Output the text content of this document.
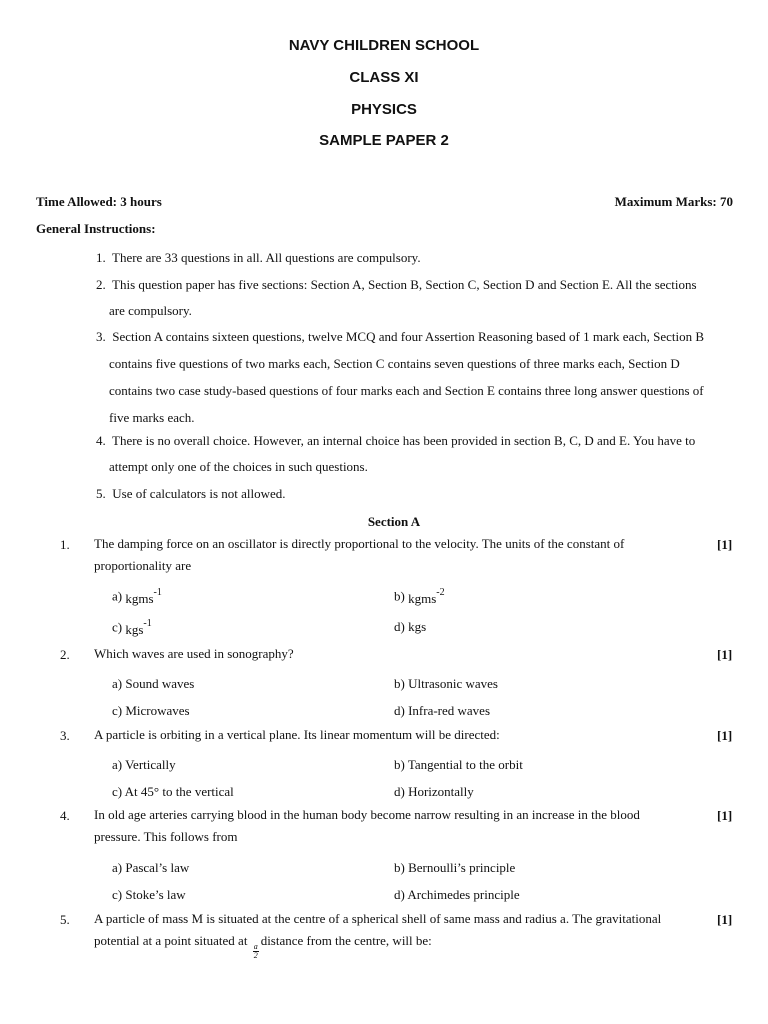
NAVY CHILDREN SCHOOL
CLASS XI
PHYSICS
SAMPLE PAPER 2
Time Allowed: 3 hours	Maximum Marks: 70
General Instructions:
1. There are 33 questions in all. All questions are compulsory.
2. This question paper has five sections: Section A, Section B, Section C, Section D and Section E. All the sections
are compulsory.
3. Section A contains sixteen questions, twelve MCQ and four Assertion Reasoning based of 1 mark each, Section B
contains five questions of two marks each, Section C contains seven questions of three marks each, Section D
contains two case study-based questions of four marks each and Section E contains three long answer questions of
five marks each.
4. There is no overall choice. However, an internal choice has been provided in section B, C, D and E. You have to
attempt only one of the choices in such questions.
5. Use of calculators is not allowed.
Section A
1. The damping force on an oscillator is directly proportional to the velocity. The units of the constant of
proportionality are
[1]
a) kgms$^{-1}$	b) kgms$^{-2}$
c) kgs$^{-1}$	d) kgs
2. Which waves are used in sonography?	[1]
a) Sound waves	b) Ultrasonic waves
c) Microwaves	d) Infra-red waves
3. A particle is orbiting in a vertical plane. Its linear momentum will be directed:	[1]
a) Vertically	b) Tangential to the orbit
c) At 45° to the vertical	d) Horizontally
4. In old age arteries carrying blood in the human body become narrow resulting in an increase in the blood
pressure. This follows from
[1]
a) Pascal’s law	b) Bernoulli’s principle
c) Stoke’s law	d) Archimedes principle
5. A particle of mass M is situated at the centre of a spherical shell of same mass and radius a. The gravitational
potential at a point situated at
$\frac{a}{2}$
distance from the centre, will be:
[1]
